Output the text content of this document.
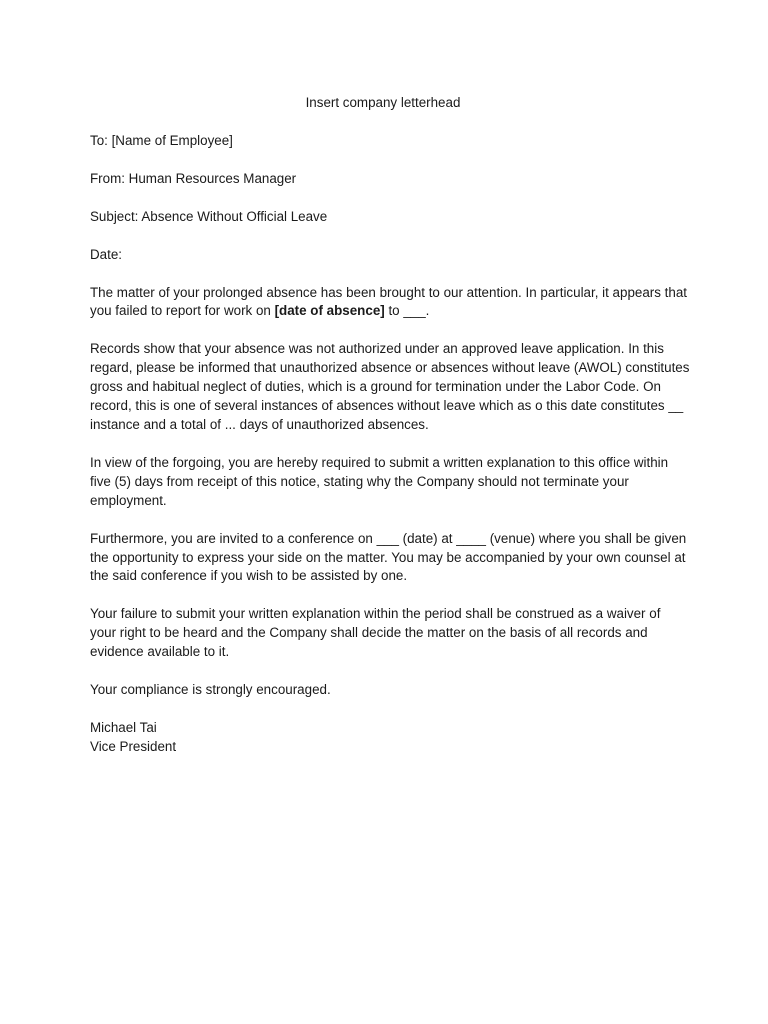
Insert company letterhead
To: [Name of Employee]
From: Human Resources Manager
Subject: Absence Without Official Leave
Date:
The matter of your prolonged absence has been brought to our attention. In particular, it appears that you failed to report for work on [date of absence] to ___.
Records show that your absence was not authorized under an approved leave application. In this regard, please be informed that unauthorized absence or absences without leave (AWOL) constitutes gross and habitual neglect of duties, which is a ground for termination under the Labor Code. On record, this is one of several instances of absences without leave which as o this date constitutes __ instance and a total of ... days of unauthorized absences.
In view of the forgoing, you are hereby required to submit a written explanation to this office within five (5) days from receipt of this notice, stating why the Company should not terminate your employment.
Furthermore, you are invited to a conference on ___ (date) at ____ (venue) where you shall be given the opportunity to express your side on the matter. You may be accompanied by your own counsel at the said conference if you wish to be assisted by one.
Your failure to submit your written explanation within the period shall be construed as a waiver of your right to be heard and the Company shall decide the matter on the basis of all records and evidence available to it.
Your compliance is strongly encouraged.
Michael Tai
Vice President
